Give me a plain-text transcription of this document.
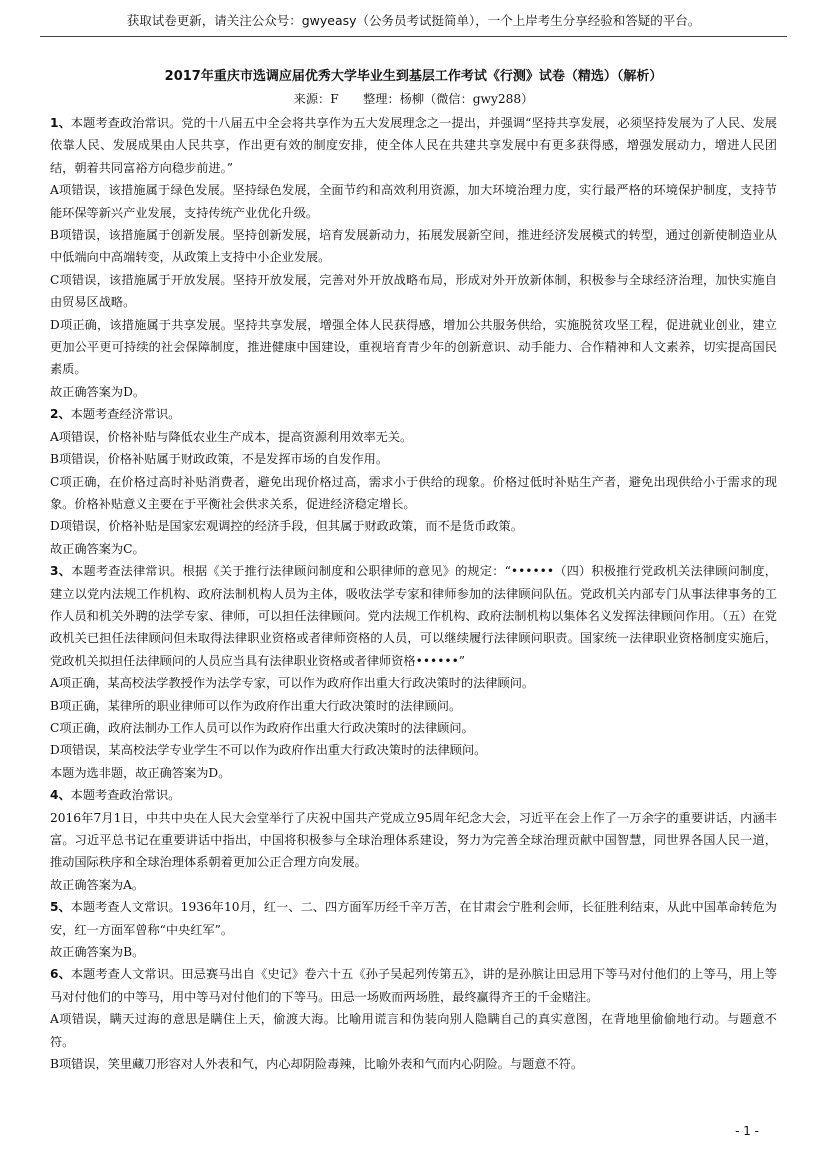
获取试卷更新，请关注公众号：gwyeasy（公务员考试挺简单），一个上岸考生分享经验和答疑的平台。
2017年重庆市选调应届优秀大学毕业生到基层工作考试《行测》试卷（精选）（解析）
来源：F　　整理：杨柳（微信：gwy288）

1、本题考查政治常识。党的十八届五中全会将共享作为五大发展理念之一提出，并强调“坚持共享发展，必须坚持发展为了人民、发展依靠人民、发展成果由人民共享，作出更有效的制度安排，使全体人民在共建共享发展中有更多获得感，增强发展动力，增进人民团结，朝着共同富裕方向稳步前进。”

A项错误，该措施属于绿色发展。坚持绿色发展，全面节约和高效利用资源，加大环境治理力度，实行最严格的环境保护制度，支持节能环保等新兴产业发展，支持传统产业优化升级。

B项错误，该措施属于创新发展。坚持创新发展，培育发展新动力，拓展发展新空间，推进经济发展模式的转型，通过创新使制造业从中低端向中高端转变，从政策上支持中小企业发展。

C项错误，该措施属于开放发展。坚持开放发展，完善对外开放战略布局，形成对外开放新体制，积极参与全球经济治理，加快实施自由贸易区战略。

D项正确，该措施属于共享发展。坚持共享发展，增强全体人民获得感，增加公共服务供给，实施脱贫攻坚工程，促进就业创业，建立更加公平更可持续的社会保障制度，推进健康中国建设，重视培育青少年的创新意识、动手能力、合作精神和人文素养，切实提高国民素质。

故正确答案为D。

2、本题考查经济常识。

A项错误，价格补贴与降低农业生产成本，提高资源利用效率无关。

B项错误，价格补贴属于财政政策，不是发挥市场的自发作用。

C项正确，在价格过高时补贴消费者，避免出现价格过高，需求小于供给的现象。价格过低时补贴生产者，避免出现供给小于需求的现象。价格补贴意义主要在于平衡社会供求关系，促进经济稳定增长。

D项错误，价格补贴是国家宏观调控的经济手段，但其属于财政政策，而不是货币政策。

故正确答案为C。

3、本题考查法律常识。根据《关于推行法律顾问制度和公职律师的意见》的规定：“••••••（四）积极推行党政机关法律顾问制度，建立以党内法规工作机构、政府法制机构人员为主体，吸收法学专家和律师参加的法律顾问队伍。党政机关内部专门从事法律事务的工作人员和机关外聘的法学专家、律师，可以担任法律顾问。党内法规工作机构、政府法制机构以集体名义发挥法律顾问作用。（五）在党政机关已担任法律顾问但未取得法律职业资格或者律师资格的人员，可以继续履行法律顾问职责。国家统一法律职业资格制度实施后，党政机关拟担任法律顾问的人员应当具有法律职业资格或者律师资格••••••”

A项正确，某高校法学教授作为法学专家，可以作为政府作出重大行政决策时的法律顾问。

B项正确，某律所的职业律师可以作为政府作出重大行政决策时的法律顾问。

C项正确，政府法制办工作人员可以作为政府作出重大行政决策时的法律顾问。

D项错误，某高校法学专业学生不可以作为政府作出重大行政决策时的法律顾问。

本题为选非题，故正确答案为D。

4、本题考查政治常识。

2016年7月1日，中共中央在人民大会堂举行了庆祝中国共产党成立95周年纪念大会，习近平在会上作了一万余字的重要讲话，内涵丰富。习近平总书记在重要讲话中指出，中国将积极参与全球治理体系建设，努力为完善全球治理贡献中国智慧，同世界各国人民一道，推动国际秩序和全球治理体系朝着更加公正合理方向发展。

故正确答案为A。

5、本题考查人文常识。1936年10月，红一、二、四方面军历经千辛万苦，在甘肃会宁胜利会师，长征胜利结束，从此中国革命转危为安，红一方面军曾称“中央红军”。

故正确答案为B。

6、本题考查人文常识。田忌赛马出自《史记》卷六十五《孙子吴起列传第五》，讲的是孙膑让田忌用下等马对付他们的上等马，用上等马对付他们的中等马，用中等马对付他们的下等马。田忌一场败而两场胜，最终赢得齐王的千金赌注。

A项错误，瞒天过海的意思是瞒住上天，偷渡大海。比喻用谎言和伪装向别人隐瞒自己的真实意图，在背地里偷偷地行动。与题意不符。

B项错误，笑里藏刀形容对人外表和气，内心却阴险毒辣，比喻外表和气而内心阴险。与题意不符。

- 1 -
